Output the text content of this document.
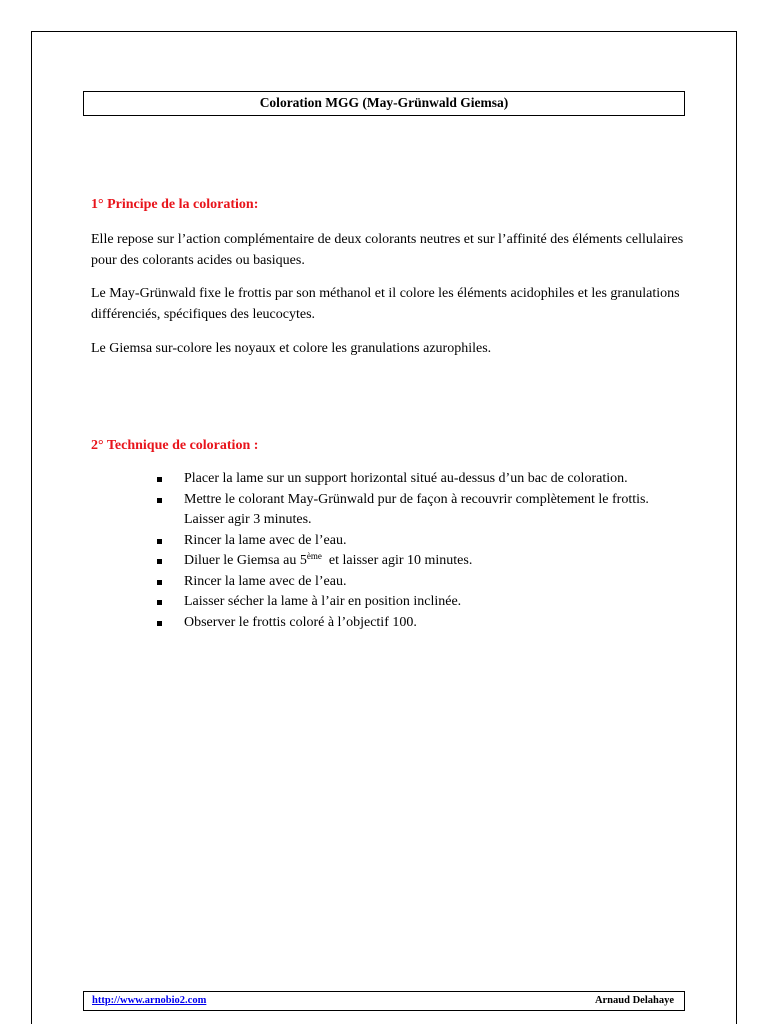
Coloration MGG (May-Grünwald Giemsa)
1° Principe de la coloration:

Elle repose sur l’action complémentaire de deux colorants neutres et sur l’affinité des éléments cellulaires pour des colorants acides ou basiques.

Le May-Grünwald fixe le frottis par son méthanol et il colore les éléments acidophiles et les granulations différenciés, spécifiques des leucocytes.

Le Giemsa sur-colore les noyaux et colore les granulations azurophiles.

2° Technique de coloration :
Placer la lame sur un support horizontal situé au-dessus d’un bac de coloration.
Mettre le colorant May-Grünwald pur de façon à recouvrir complètement le frottis. Laisser agir 3 minutes.
Rincer la lame avec de l’eau.
Diluer le Giemsa au 5ème  et laisser agir 10 minutes.
Rincer la lame avec de l’eau.
Laisser sécher la lame à l’air en position inclinée.
Observer le frottis coloré à l’objectif 100.
http://www.arnobio2.com	Arnaud Delahaye
